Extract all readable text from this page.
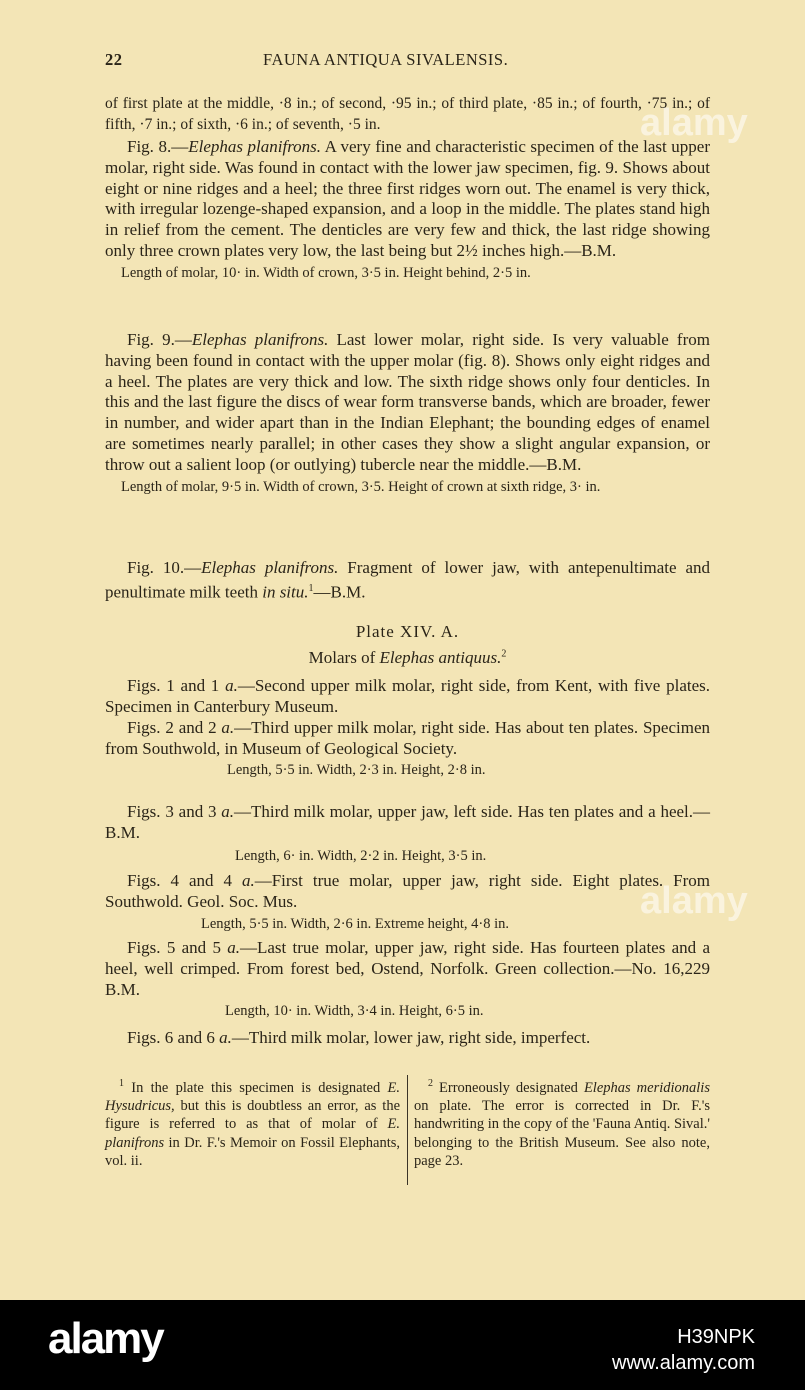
22	FAUNA ANTIQUA SIVALENSIS.

of first plate at the middle, ·8 in.; of second, ·95 in.; of third plate, ·85 in.; of fourth, ·75 in.; of fifth, ·7 in.; of sixth, ·6 in.; of seventh, ·5 in.

Fig. 8.—Elephas planifrons. A very fine and characteristic specimen of the last upper molar, right side. Was found in contact with the lower jaw specimen, fig. 9. Shows about eight or nine ridges and a heel; the three first ridges worn out. The enamel is very thick, with irregular lozenge-shaped expansion, and a loop in the middle. The plates stand high in relief from the cement. The denticles are very few and thick, the last ridge showing only three crown plates very low, the last being but 2½ inches high.—B.M.

Length of molar, 10· in. Width of crown, 3·5 in. Height behind, 2·5 in.

Fig. 9.—Elephas planifrons. Last lower molar, right side. Is very valuable from having been found in contact with the upper molar (fig. 8). Shows only eight ridges and a heel. The plates are very thick and low. The sixth ridge shows only four denticles. In this and the last figure the discs of wear form transverse bands, which are broader, fewer in number, and wider apart than in the Indian Elephant; the bounding edges of enamel are sometimes nearly parallel; in other cases they show a slight angular expansion, or throw out a salient loop (or outlying) tubercle near the middle.—B.M.

Length of molar, 9·5 in. Width of crown, 3·5. Height of crown at sixth ridge, 3· in.

Fig. 10.—Elephas planifrons. Fragment of lower jaw, with antepenultimate and penultimate milk teeth in situ.$^1$—B.M.

Plate XIV. A.
Molars of Elephas antiquus.$^2$

Figs. 1 and 1 a.—Second upper milk molar, right side, from Kent, with five plates. Specimen in Canterbury Museum.

Figs. 2 and 2 a.—Third upper milk molar, right side. Has about ten plates. Specimen from Southwold, in Museum of Geological Society.

Length, 5·5 in. Width, 2·3 in. Height, 2·8 in.

Figs. 3 and 3 a.—Third milk molar, upper jaw, left side. Has ten plates and a heel.—B.M.

Length, 6· in. Width, 2·2 in. Height, 3·5 in.

Figs. 4 and 4 a.—First true molar, upper jaw, right side. Eight plates. From Southwold. Geol. Soc. Mus.

Length, 5·5 in. Width, 2·6 in. Extreme height, 4·8 in.

Figs. 5 and 5 a.—Last true molar, upper jaw, right side. Has fourteen plates and a heel, well crimped. From forest bed, Ostend, Norfolk. Green collection.—No. 16,229 B.M.

Length, 10· in. Width, 3·4 in. Height, 6·5 in.

Figs. 6 and 6 a.—Third milk molar, lower jaw, right side, imperfect.

$^1$ In the plate this specimen is designated E. Hysudricus, but this is doubtless an error, as the figure is referred to as that of molar of E. planifrons in Dr. F.'s Memoir on Fossil Elephants, vol. ii.
$^2$ Erroneously designated Elephas meridionalis on plate. The error is corrected in Dr. F.'s handwriting in the copy of the 'Fauna Antiq. Sival.' belonging to the British Museum. See also note, page 23.
alamy
alamy
alamy	H39NPK
www.alamy.com
